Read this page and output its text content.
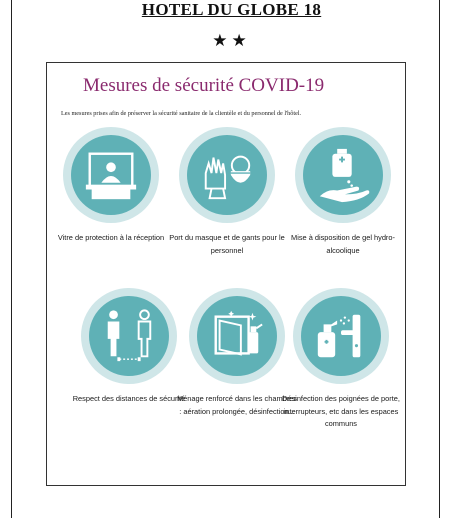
HOTEL DU GLOBE 18
★★
Mesures de sécurité COVID-19
Les mesures prises afin de préserver la sécurité sanitaire de la clientèle et du personnel de l'hôtel.
Vitre de protection à la réception Port du masque et de gants pour le personnel
Mise à disposition de gel hydro-alcoolique
Respect des distances de sécurité
Ménage renforcé dans les chambres : aération prolongée, désinfection...
Désinfection des poignées de porte, interrupteurs, etc dans les espaces communs
